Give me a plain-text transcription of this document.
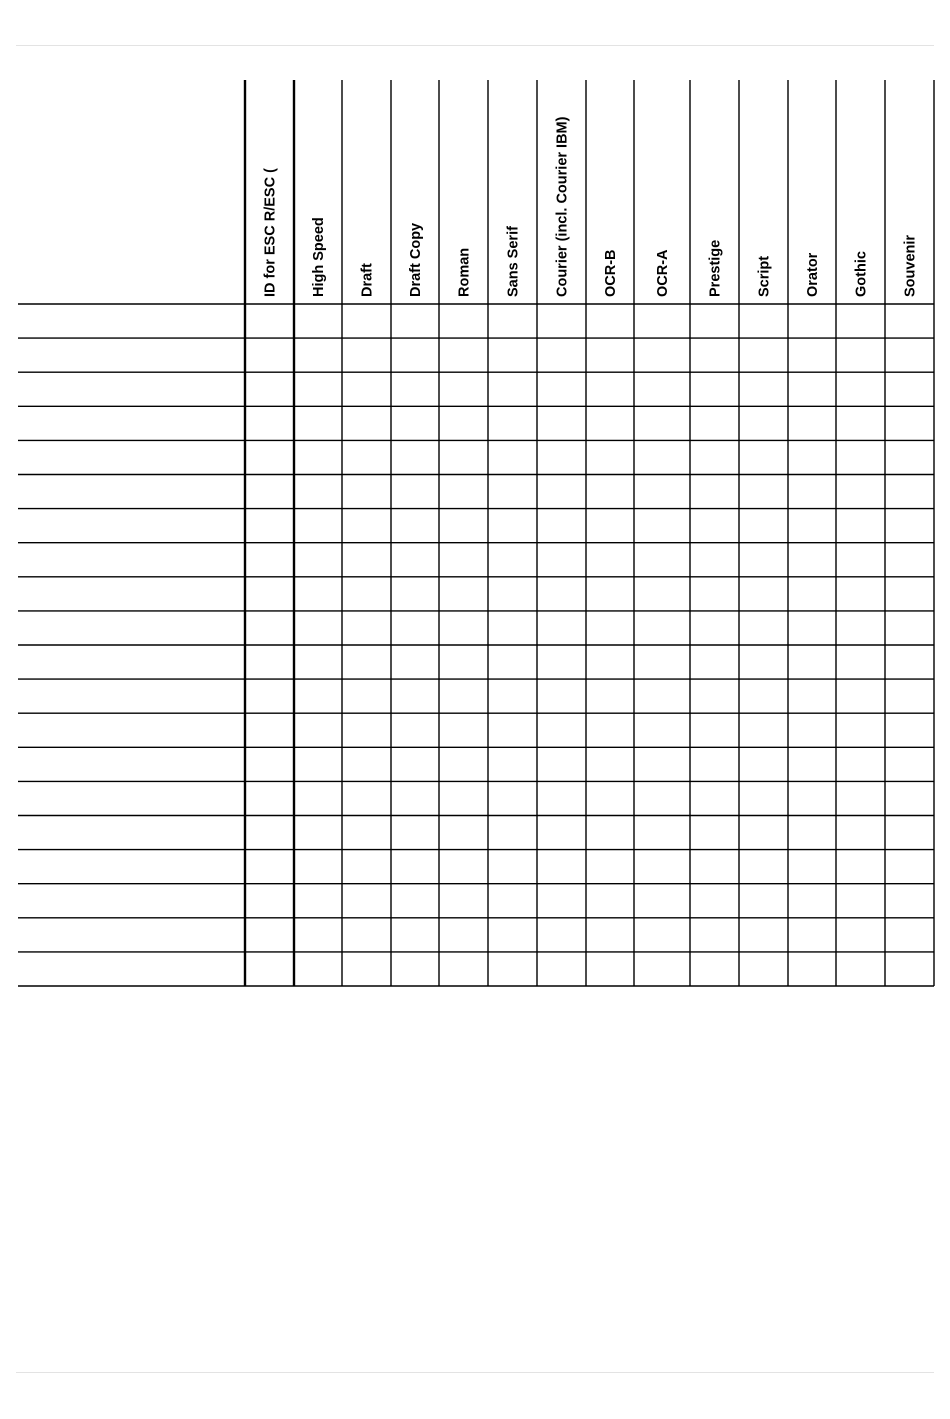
ID for ESC R/ESC ( High Speed Draft Draft Copy Roman Sans Serif Courier (incl. Courier IBM) OCR-B OCR-A	Prestige Script Orator Gothic Souvenir
